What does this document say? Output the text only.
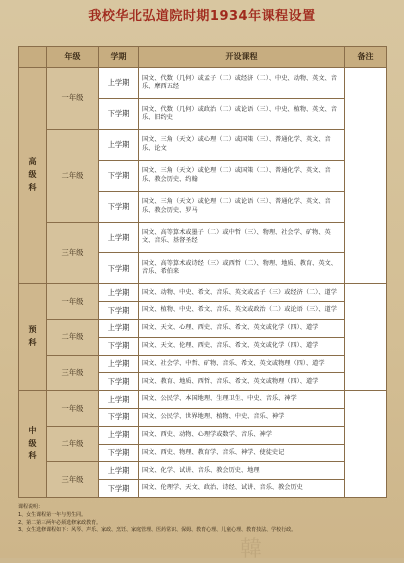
我校华北弘道院时期1934年课程设置
	年级	学期	开设课程	备注

高
级
科	一年级	上学期	国文、代数（几何）或孟子（二）或经济（二）、中史、动物、英文、音乐、摩西五经	
		下学期	国文、代数（几何）或政治（二）或论语（三）、中史、植物、英文、音乐、旧约史	
	二年级	上学期	国文、三角（天文）或心理（二）或国策（三）、普通化学、英文、音乐、论文	
		下学期	国文、三角（天文）或伦理（二）或国策（二）、普通化学、英文、音乐、教会历史、约翰	
		下学期	国文、三角（天文）或伦理（二）或论语（三）、普通化学、英文、音乐、教会历史、罗马	
	三年级	上学期	国文、高等算术或墨子（二）或中哲（三）、物理、社会学、矿物、英文、音乐、基督圣经	
		下学期	国文、高等算术或诗经（三）或西哲（二）、物理、地质、教育、英文、音乐、希伯来	

预
科	一年级	上学期	国文、动物、中史、希文、音乐、英文或孟子（三）或经济（二）、道学	
		下学期	国文、植物、中史、希文、音乐、英文或政治（二）或论语（三）、道学	
	二年级	上学期	国文、天文、心理、西史、音乐、希文、英文或化学（四）、道学	
		下学期	国文、天文、伦理、西史、音乐、希文、英文或化学（四）、道学	
	三年级	上学期	国文、社会学、中哲、矿物、音乐、希文、英文或物理（四）、道学	
		下学期	国文、教育、地质、西哲、音乐、希文、英文或物理（四）、道学	

中
级
科	一年级	上学期	国文、公民学、本国地理、生理卫生、中史、音乐、神学	
		下学期	国文、公民学、世界地理、植物、中史、音乐、神学	
	二年级	上学期	国文、西史、动物、心理学或数学、音乐、神学	
		下学期	国文、西史、物理、教育学、音乐、神学、使徒史记	
	三年级	上学期	国文、化学、试讲、音乐、教会历史、地理	
		下学期	国文、伦理学、天文、政治、诗经、试讲、音乐、教会历史	
课程说明：
1、女生课程第一年与男生同。
2、第二第三两年必须选修家政教育。
3、女生选修课程如下：风琴、声乐、家政、烹饪、家庭管理、医药常识、保姆、教育心理、儿童心理、教育技法、学校行政。
韓
